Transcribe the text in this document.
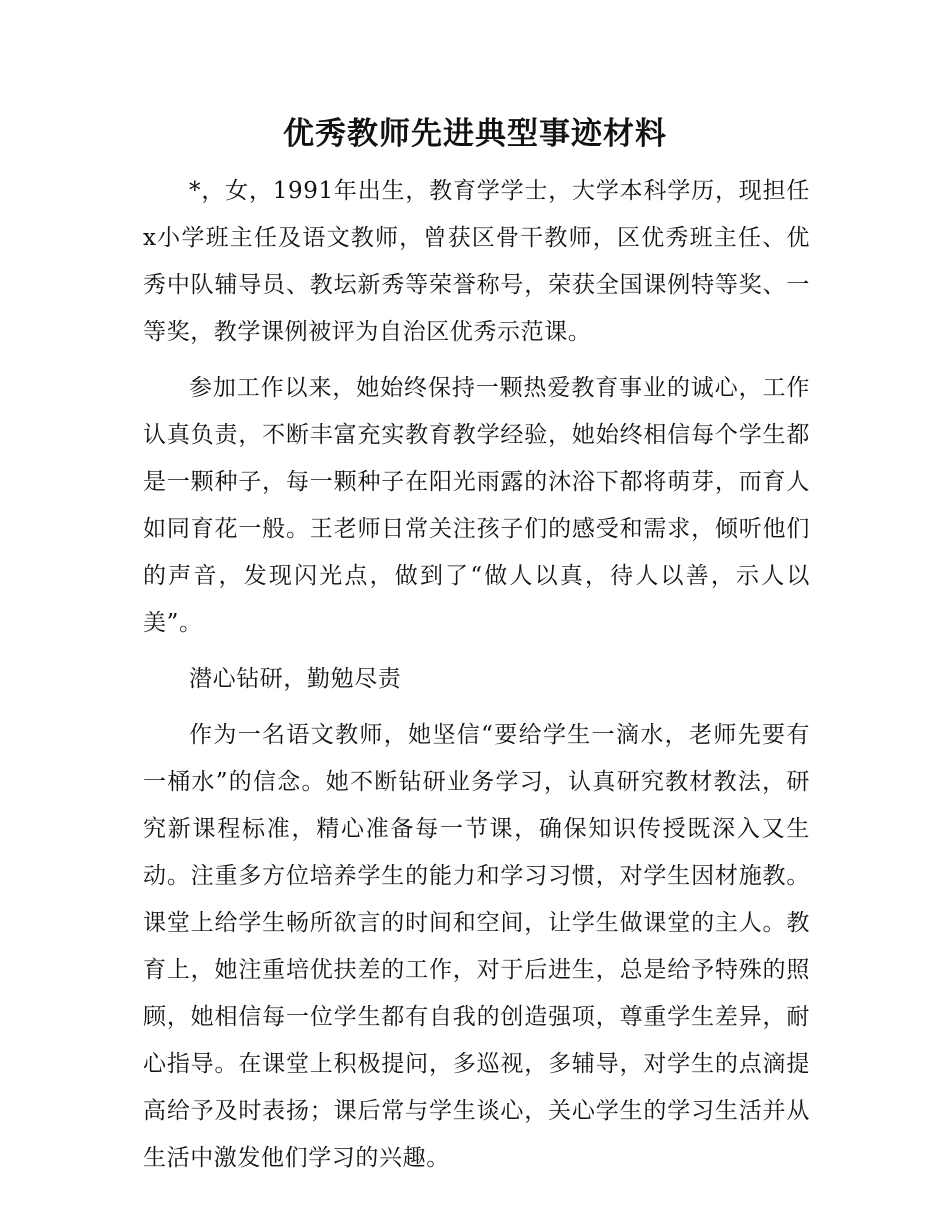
优秀教师先进典型事迹材料

*，女，1991年出生，教育学学士，大学本科学历，现担任x小学班主任及语文教师，曾获区骨干教师，区优秀班主任、优秀中队辅导员、教坛新秀等荣誉称号，荣获全国课例特等奖、一等奖，教学课例被评为自治区优秀示范课。

参加工作以来，她始终保持一颗热爱教育事业的诚心，工作认真负责，不断丰富充实教育教学经验，她始终相信每个学生都是一颗种子，每一颗种子在阳光雨露的沐浴下都将萌芽，而育人如同育花一般。王老师日常关注孩子们的感受和需求，倾听他们的声音，发现闪光点，做到了“做人以真，待人以善，示人以美”。

潜心钻研，勤勉尽责

作为一名语文教师，她坚信“要给学生一滴水，老师先要有一桶水”的信念。她不断钻研业务学习，认真研究教材教法，研究新课程标准，精心准备每一节课，确保知识传授既深入又生动。注重多方位培养学生的能力和学习习惯，对学生因材施教。课堂上给学生畅所欲言的时间和空间，让学生做课堂的主人。教育上，她注重培优扶差的工作，对于后进生，总是给予特殊的照顾，她相信每一位学生都有自我的创造强项，尊重学生差异，耐心指导。在课堂上积极提问，多巡视，多辅导，对学生的点滴提高给予及时表扬；课后常与学生谈心，关心学生的学习生活并从生活中激发他们学习的兴趣。
